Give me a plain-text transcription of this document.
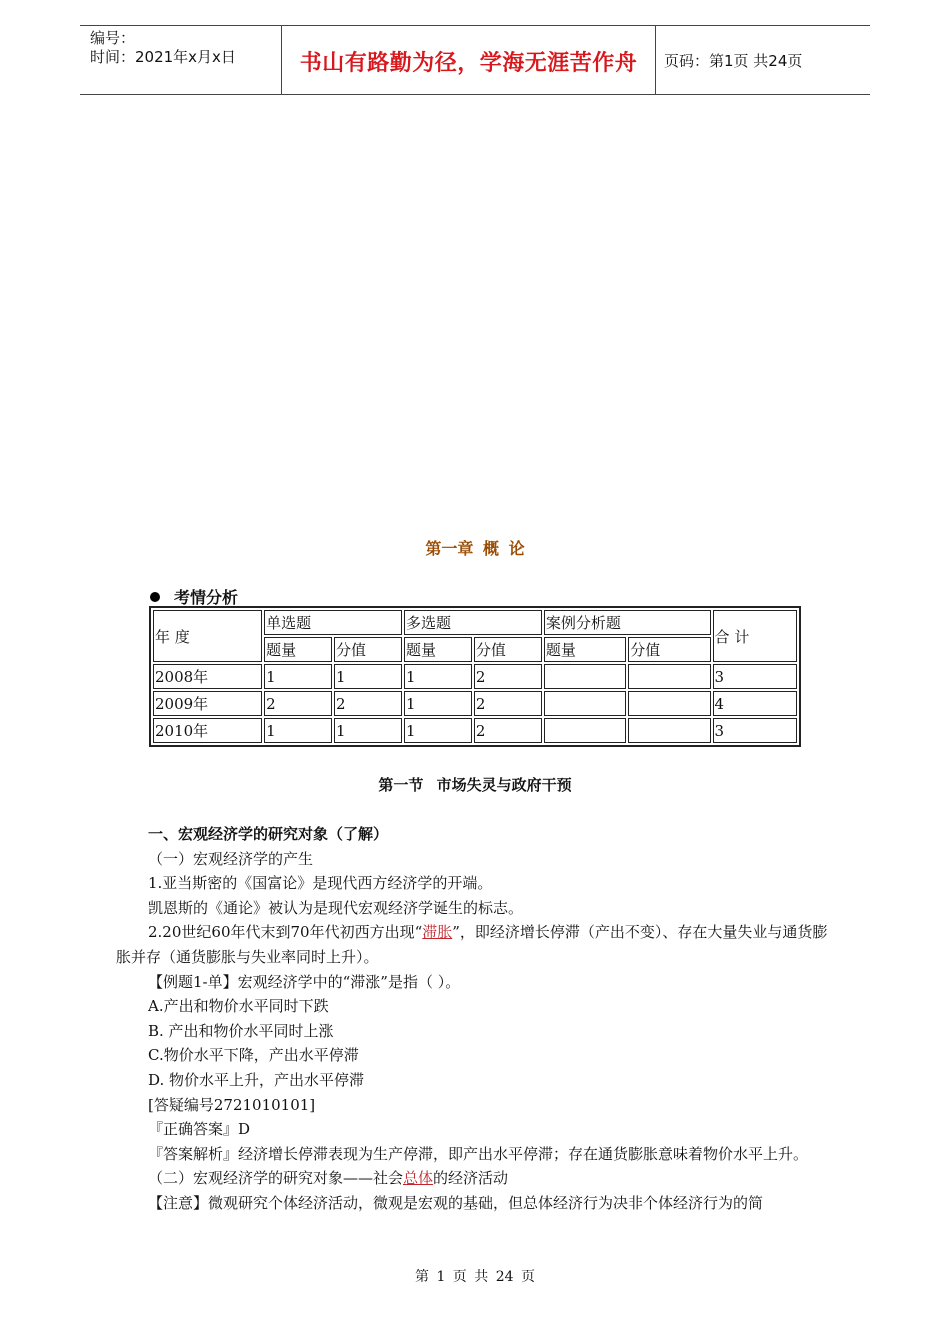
编号：
时间：2021年x月x日	书山有路勤为径，学海无涯苦作舟	页码：第1页 共24页
第一章 概 论
考情分析
年 度	单选题		多选题		案例分析题		合 计
	题量	分值	题量	分值	题量	分值	
2008年	1	1	1	2			3
2009年	2	2	1	2			4
2010年	1	1	1	2			3
第一节 市场失灵与政府干预

一、宏观经济学的研究对象（了解）

（一）宏观经济学的产生

1.亚当斯密的《国富论》是现代西方经济学的开端。

凯恩斯的《通论》被认为是现代宏观经济学诞生的标志。

2.20世纪60年代末到70年代初西方出现“滞胀”，即经济增长停滞（产出不变）、存在大量失业与通货膨胀并存（通货膨胀与失业率同时上升）。

【例题1-单】宏观经济学中的“滞涨”是指（ ）。

A.产出和物价水平同时下跌

B. 产出和物价水平同时上涨

C.物价水平下降，产出水平停滞

D. 物价水平上升，产出水平停滞

[答疑编号2721010101]

『正确答案』D

『答案解析』经济增长停滞表现为生产停滞，即产出水平停滞；存在通货膨胀意味着物价水平上升。

（二）宏观经济学的研究对象——社会总体的经济活动

【注意】微观研究个体经济活动，微观是宏观的基础，但总体经济行为决非个体经济行为的简

第 1 页 共 24 页
